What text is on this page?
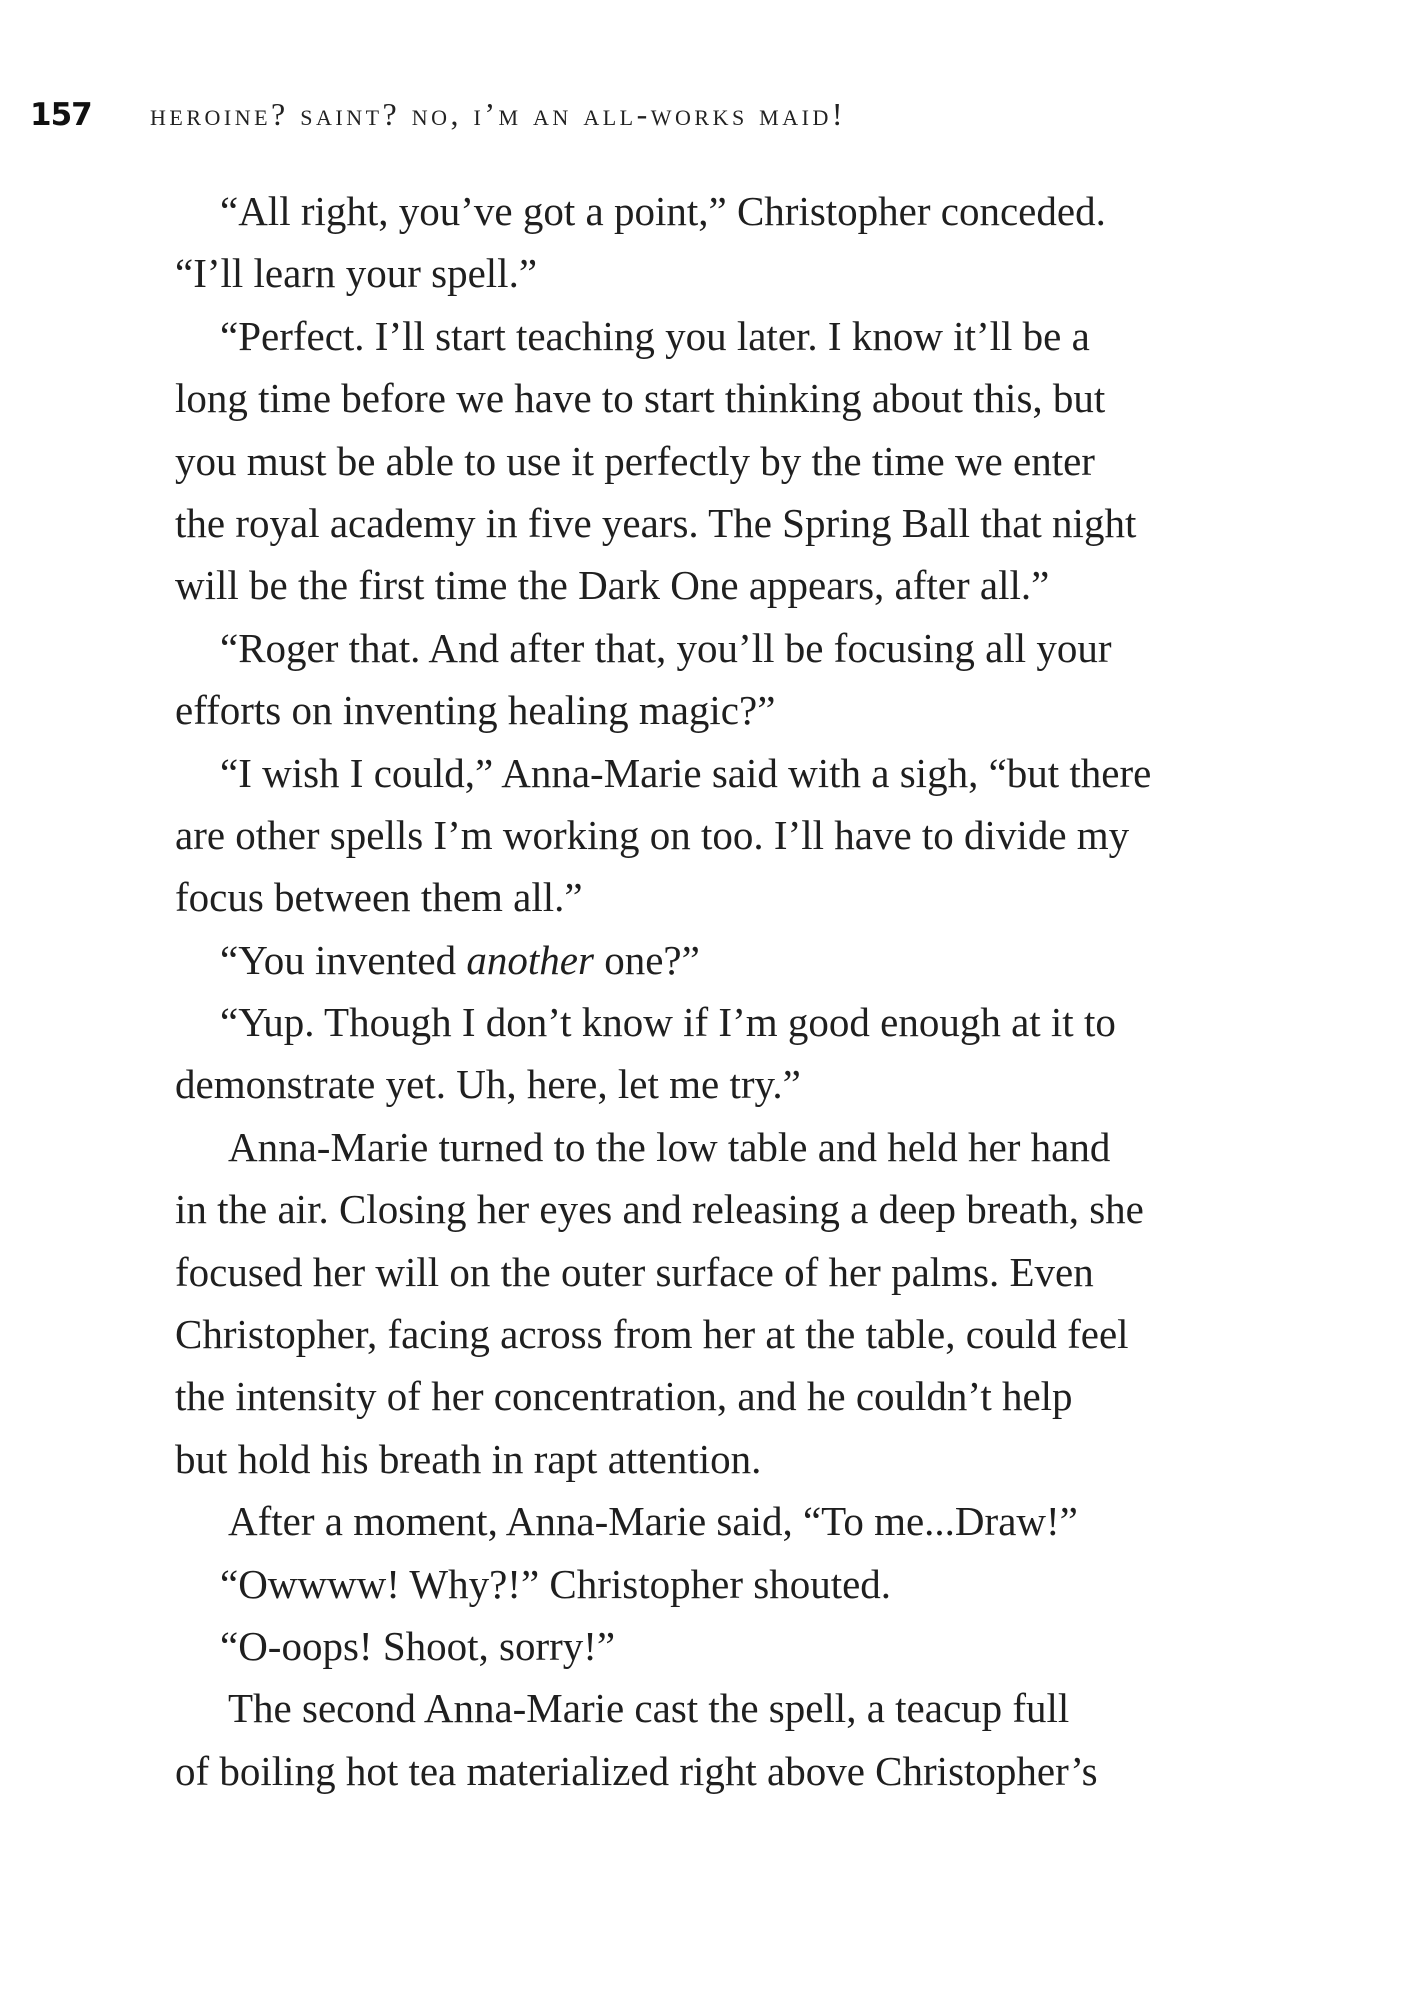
157	heroine? saint? no, i’m an all-works maid!
“All right, you’ve got a point,” Christopher conceded.
“I’ll learn your spell.”
“Perfect. I’ll start teaching you later. I know it’ll be a
long time before we have to start thinking about this, but
you must be able to use it perfectly by the time we enter
the royal academy in five years. The Spring Ball that night
will be the first time the Dark One appears, after all.”
“Roger that. And after that, you’ll be focusing all your
efforts on inventing healing magic?”
“I wish I could,” Anna-Marie said with a sigh, “but there
are other spells I’m working on too. I’ll have to divide my
focus between them all.”
“You invented another one?”
“Yup. Though I don’t know if I’m good enough at it to
demonstrate yet. Uh, here, let me try.”
Anna-Marie turned to the low table and held her hand
in the air. Closing her eyes and releasing a deep breath, she
focused her will on the outer surface of her palms. Even
Christopher, facing across from her at the table, could feel
the intensity of her concentration, and he couldn’t help
but hold his breath in rapt attention.
After a moment, Anna-Marie said, “To me...Draw!”
“Owwww! Why?!” Christopher shouted.
“O-oops! Shoot, sorry!”
The second Anna-Marie cast the spell, a teacup full
of boiling hot tea materialized right above Christopher’s
